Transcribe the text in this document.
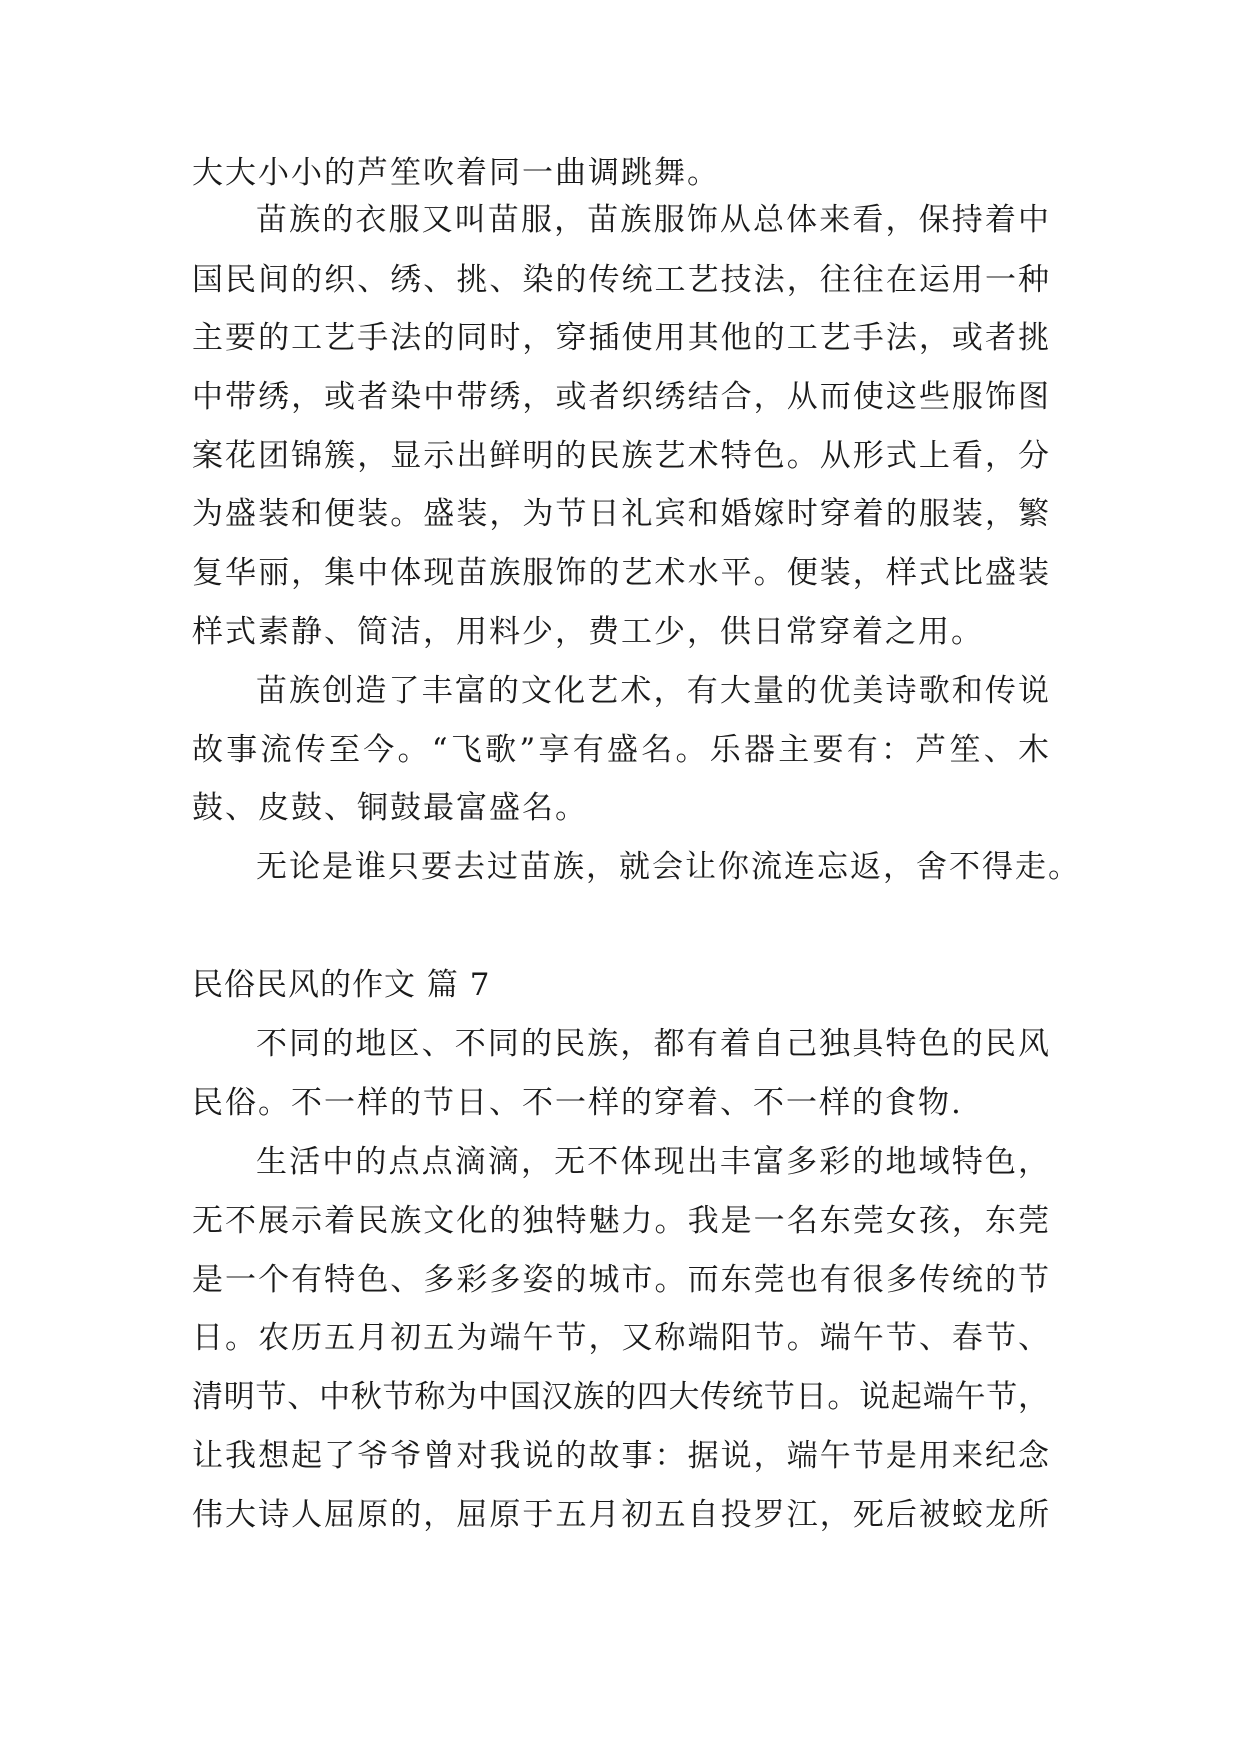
大大小小的芦笙吹着同一曲调跳舞。
苗族的衣服又叫苗服，苗族服饰从总体来看，保持着中
国民间的织、绣、挑、染的传统工艺技法，往往在运用一种
主要的工艺手法的同时，穿插使用其他的工艺手法，或者挑
中带绣，或者染中带绣，或者织绣结合，从而使这些服饰图
案花团锦簇，显示出鲜明的民族艺术特色。从形式上看，分
为盛装和便装。盛装，为节日礼宾和婚嫁时穿着的服装，繁
复华丽，集中体现苗族服饰的艺术水平。便装，样式比盛装
样式素静、简洁，用料少，费工少，供日常穿着之用。
苗族创造了丰富的文化艺术，有大量的优美诗歌和传说
故事流传至今。“飞歌”享有盛名。乐器主要有：芦笙、木
鼓、皮鼓、铜鼓最富盛名。
无论是谁只要去过苗族，就会让你流连忘返，舍不得走。
民俗民风的作文 篇 7
不同的地区、不同的民族，都有着自己独具特色的民风
民俗。不一样的节日、不一样的穿着、不一样的食物.
生活中的点点滴滴，无不体现出丰富多彩的地域特色，
无不展示着民族文化的独特魅力。我是一名东莞女孩，东莞
是一个有特色、多彩多姿的城市。而东莞也有很多传统的节
日。农历五月初五为端午节，又称端阳节。端午节、春节、
清明节、中秋节称为中国汉族的四大传统节日。说起端午节，
让我想起了爷爷曾对我说的故事：据说，端午节是用来纪念
伟大诗人屈原的，屈原于五月初五自投罗江，死后被蛟龙所
